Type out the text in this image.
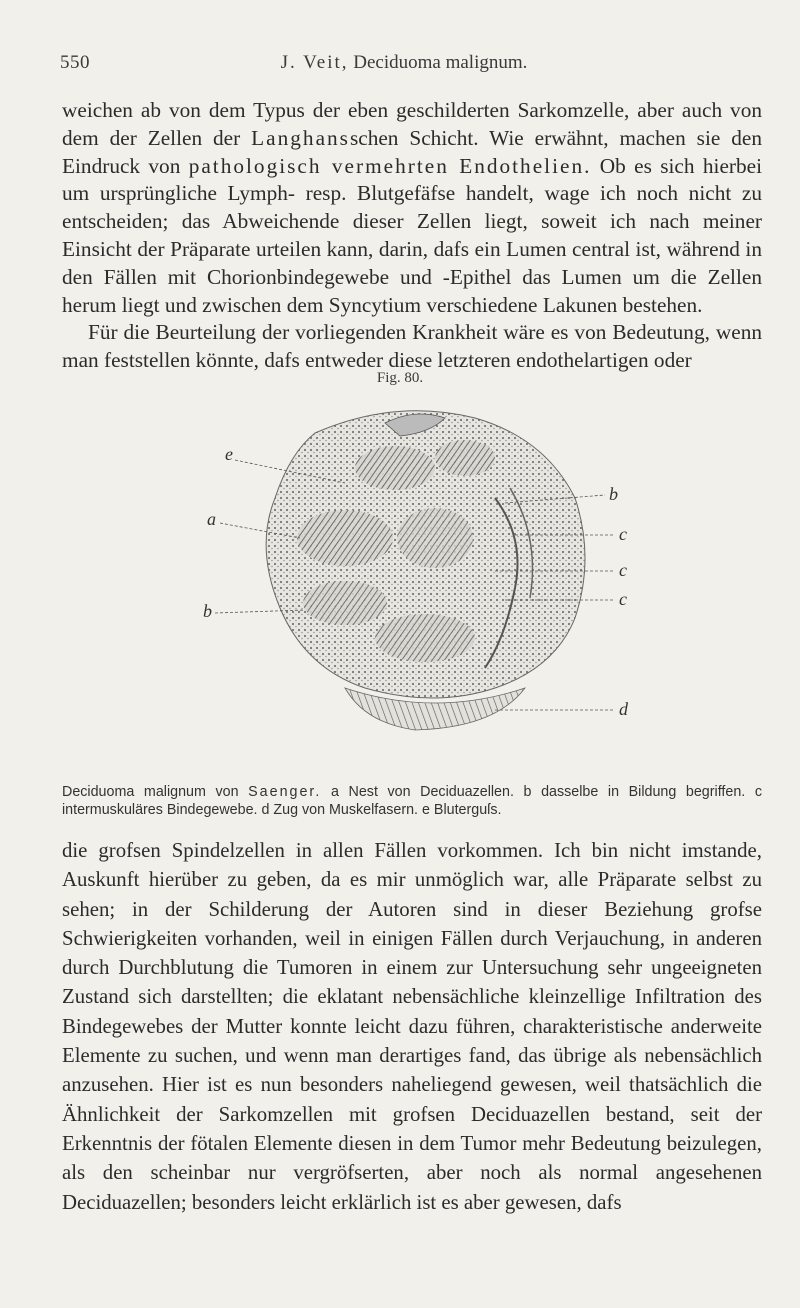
550	J. Veit, Deciduoma malignum.

weichen ab von dem Typus der eben geschilderten Sarkomzelle, aber auch von dem der Zellen der Langhansschen Schicht. Wie erwähnt, machen sie den Eindruck von pathologisch vermehrten Endothelien. Ob es sich hierbei um ursprüngliche Lymph- resp. Blutgefäfse handelt, wage ich noch nicht zu entscheiden; das Abweichende dieser Zellen liegt, soweit ich nach meiner Einsicht der Präparate urteilen kann, darin, dafs ein Lumen central ist, während in den Fällen mit Chorionbindegewebe und -Epithel das Lumen um die Zellen herum liegt und zwischen dem Syncytium verschiedene Lakunen bestehen.

Für die Beurteilung der vorliegenden Krankheit wäre es von Bedeutung, wenn man feststellen könnte, dafs entweder diese letzteren endothelartigen oder

Fig. 80.
e
a
b
b
c
c
c
d
Deciduoma malignum von Saenger. a Nest von Deciduazellen. b dasselbe in Bildung begriffen. c intermuskuläres Bindegewebe. d Zug von Muskelfasern. e Bluterguſs.

die grofsen Spindelzellen in allen Fällen vorkommen. Ich bin nicht imstande, Auskunft hierüber zu geben, da es mir unmöglich war, alle Präparate selbst zu sehen; in der Schilderung der Autoren sind in dieser Beziehung grofse Schwierigkeiten vorhanden, weil in einigen Fällen durch Verjauchung, in anderen durch Durchblutung die Tumoren in einem zur Untersuchung sehr ungeeigneten Zustand sich darstellten; die eklatant nebensächliche kleinzellige Infiltration des Bindegewebes der Mutter konnte leicht dazu führen, charakteristische anderweite Elemente zu suchen, und wenn man derartiges fand, das übrige als nebensächlich anzusehen. Hier ist es nun besonders naheliegend gewesen, weil thatsächlich die Ähnlichkeit der Sarkomzellen mit grofsen Deciduazellen bestand, seit der Erkenntnis der fötalen Elemente diesen in dem Tumor mehr Bedeutung beizulegen, als den scheinbar nur vergröfserten, aber noch als normal angesehenen Deciduazellen; besonders leicht erklärlich ist es aber gewesen, dafs
